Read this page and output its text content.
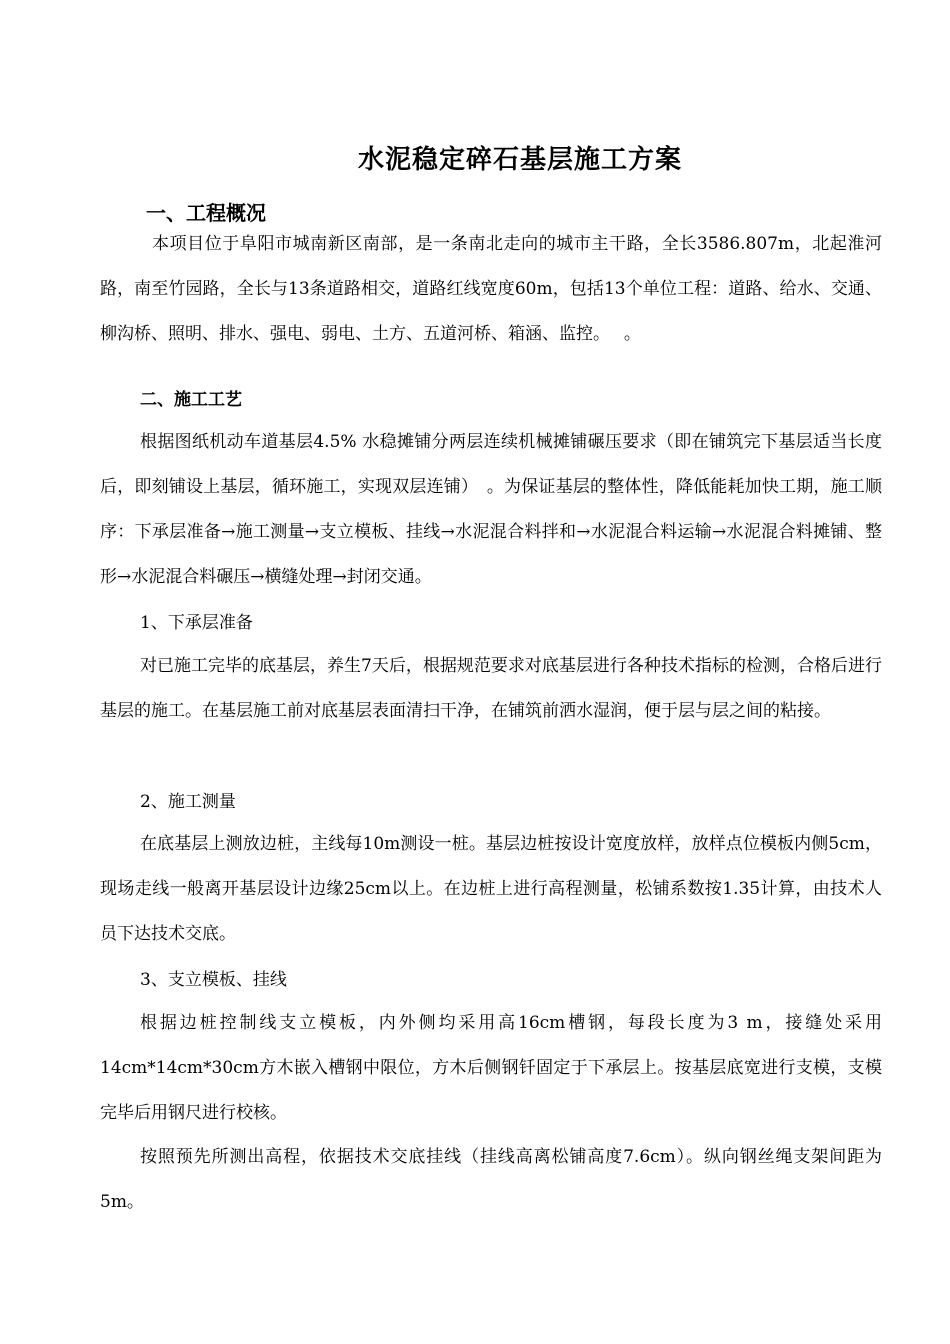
水泥稳定碎石基层施工方案
一、工程概况

本项目位于阜阳市城南新区南部，是一条南北走向的城市主干路，全长3586.807m，北起淮河路，南至竹园路，全长与13条道路相交，道路红线宽度60m，包括13个单位工程：道路、给水、交通、柳沟桥、照明、排水、强电、弱电、土方、五道河桥、箱涵、监控。　 。

二、施工工艺

根据图纸机动车道基层4.5% 水稳摊铺分两层连续机械摊铺碾压要求（即在铺筑完下基层适当长度后，即刻铺设上基层，循环施工，实现双层连铺）　。为保证基层的整体性，降低能耗加快工期，施工顺序：下承层准备→施工测量→支立模板、挂线→水泥混合料拌和→水泥混合料运输→水泥混合料摊铺、整形→水泥混合料碾压→横缝处理→封闭交通。

1、下承层准备

对已施工完毕的底基层，养生7天后，根据规范要求对底基层进行各种技术指标的检测，合格后进行基层的施工。在基层施工前对底基层表面清扫干净，在铺筑前洒水湿润，便于层与层之间的粘接。

2、施工测量

在底基层上测放边桩，主线每10m测设一桩。基层边桩按设计宽度放样，放样点位模板内侧5cm，现场走线一般离开基层设计边缘25cm以上。在边桩上进行高程测量，松铺系数按1.35计算，由技术人员下达技术交底。

3、支立模板、挂线

根据边桩控制线支立模板，内外侧均采用高16cm槽钢，每段长度为3 m，接缝处采用14cm*14cm*30cm方木嵌入槽钢中限位，方木后侧钢钎固定于下承层上。按基层底宽进行支模，支模完毕后用钢尺进行校核。

按照预先所测出高程，依据技术交底挂线（挂线高离松铺高度7.6cm）。纵向钢丝绳支架间距为5m。
